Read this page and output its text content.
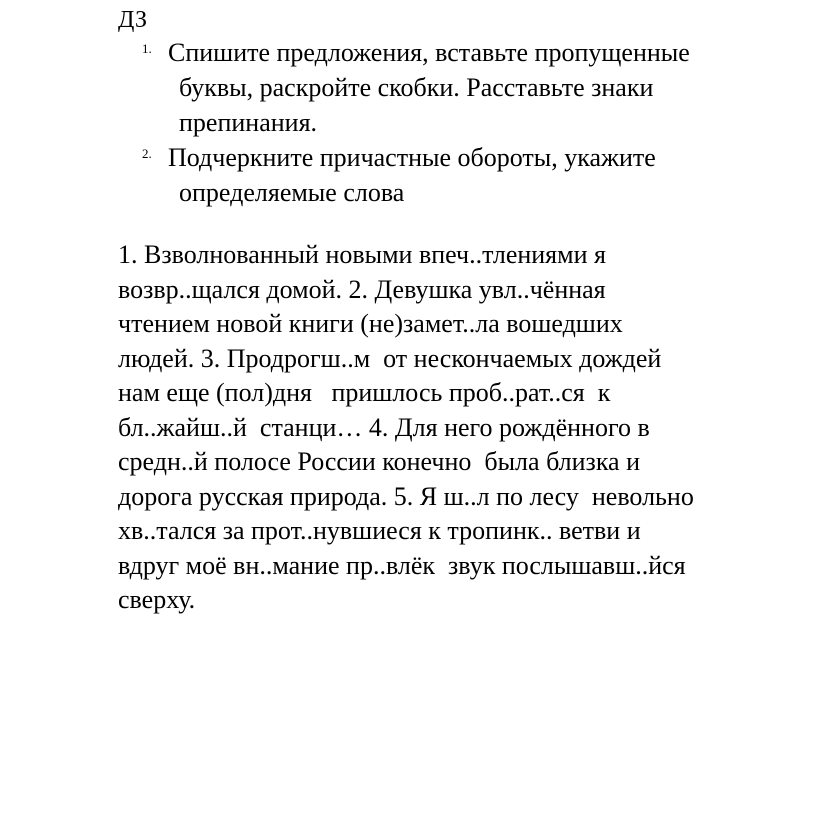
ДЗ
1. Спишите предложения, вставьте пропущенные
буквы, раскройте скобки. Расставьте знаки
препинания.
2. Подчеркните причастные обороты, укажите
определяемые слова
1. Взволнованный новыми впеч..тлениями я
возвр..щался домой. 2. Девушка увл..чённая
чтением новой книги (не)замет..ла вошедших
людей. 3. Продрогш..м  от нескончаемых дождей
нам еще (пол)дня   пришлось проб..рат..ся  к
бл..жайш..й  станци… 4. Для него рождённого в
средн..й полосе России конечно  была близка и
дорога русская природа. 5. Я ш..л по лесу  невольно
хв..тался за прот..нувшиеся к тропинк.. ветви и
вдруг моё вн..мание пр..влёк  звук послышавш..йся
сверху.
